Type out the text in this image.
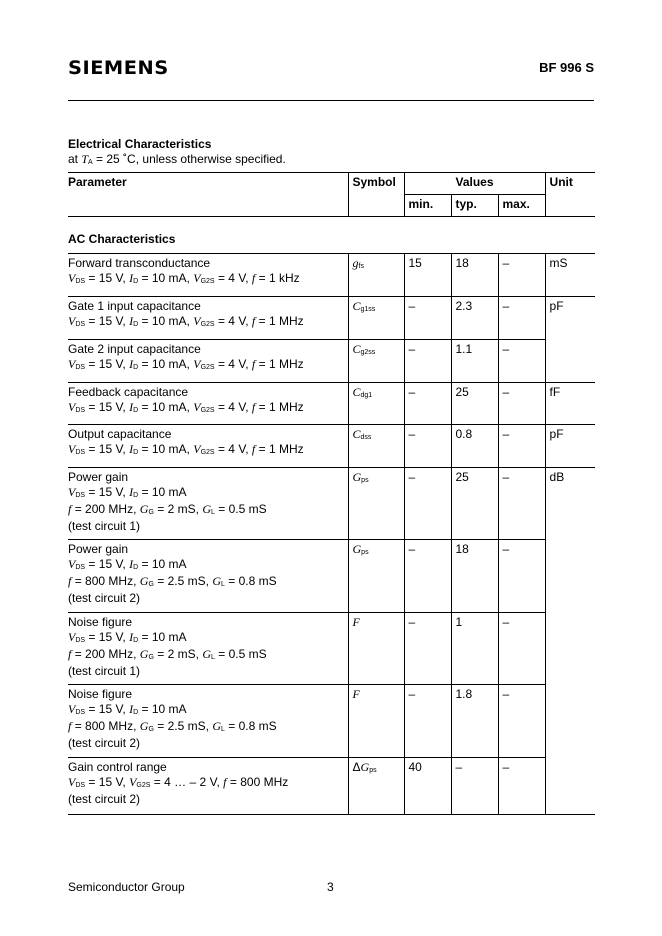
SIEMENS	BF 996 S
Electrical Characteristics
at $T_A = 25$ ˚C, unless otherwise specified.
Parameter	Symbol	Values			Unit
		min.	typ.	max.	
AC Characteristics					

Forward transconductance
$V_{DS} = 15$ V, $I_D = 10$ mA, $V_{G2S} = 4$ V, f = 1 kHz	gfs	15	18	–	mS

Gate 1 input capacitance
$V_{DS} = 15$ V, $I_D = 10$ mA, $V_{G2S} = 4$ V, f = 1 MHz	Cg1ss	–	2.3	–	pF

Gate 2 input capacitance
$V_{DS} = 15$ V, $I_D = 10$ mA, $V_{G2S} = 4$ V, f = 1 MHz	Cg2ss	–	1.1	–	

Feedback capacitance
$V_{DS} = 15$ V, $I_D = 10$ mA, $V_{G2S} = 4$ V, f = 1 MHz	Cdg1	–	25	–	fF

Output capacitance
$V_{DS} = 15$ V, $I_D = 10$ mA, $V_{G2S} = 4$ V, f = 1 MHz	Cdss	–	0.8	–	pF

Power gain
$V_{DS} = 15$ V, $I_D = 10$ mA
f = 200 MHz, $G_G = 2$ mS, $G_L = 0.5$ mS
(test circuit 1)	Gps	–	25	–	dB

Power gain
$V_{DS} = 15$ V, $I_D = 10$ mA
f = 800 MHz, $G_G = 2.5$ mS, $G_L = 0.8$ mS
(test circuit 2)	Gps	–	18	–	

Noise figure
$V_{DS} = 15$ V, $I_D = 10$ mA
f = 200 MHz, $G_G = 2$ mS, $G_L = 0.5$ mS
(test circuit 1)	F	–	1	–	

Noise figure
$V_{DS} = 15$ V, $I_D = 10$ mA
f = 800 MHz, $G_G = 2.5$ mS, $G_L = 0.8$ mS
(test circuit 2)	F	–	1.8	–	

Gain control range
$V_{DS} = 15$ V, $V_{G2S} = 4$ … – 2 V, f = 800 MHz
(test circuit 2)	ΔGps	40	–	–	
Semiconductor Group	3
